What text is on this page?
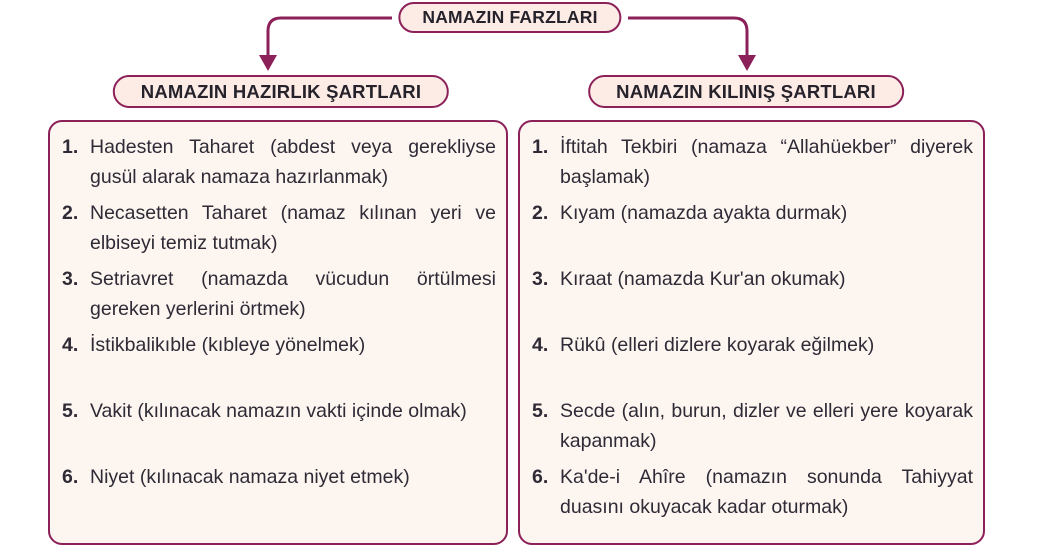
NAMAZIN FARZLARI
NAMAZIN HAZIRLIK ŞARTLARI	NAMAZIN KILINIŞ ŞARTLARI
1. Hadesten Taharet (abdest veya gerekliyse gusül alarak namaza hazırlanmak)
2. Necasetten Taharet (namaz kılınan yeri ve elbiseyi temiz tutmak)
3. Setriavret (namazda vücudun örtülmesi gereken yerlerini örtmek)
4. İstikbalikıble (kıbleye yönelmek)
5. Vakit (kılınacak namazın vakti içinde olmak)
6. Niyet (kılınacak namaza niyet etmek)
1. İftitah Tekbiri (namaza “Allahüekber” diyerek başlamak)
2. Kıyam (namazda ayakta durmak)
3. Kıraat (namazda Kur'an okumak)
4. Rükû (elleri dizlere koyarak eğilmek)
5. Secde (alın, burun, dizler ve elleri yere koyarak kapanmak)
6. Ka'de-i Ahîre (namazın sonunda Tahiyyat duasını okuyacak kadar oturmak)
